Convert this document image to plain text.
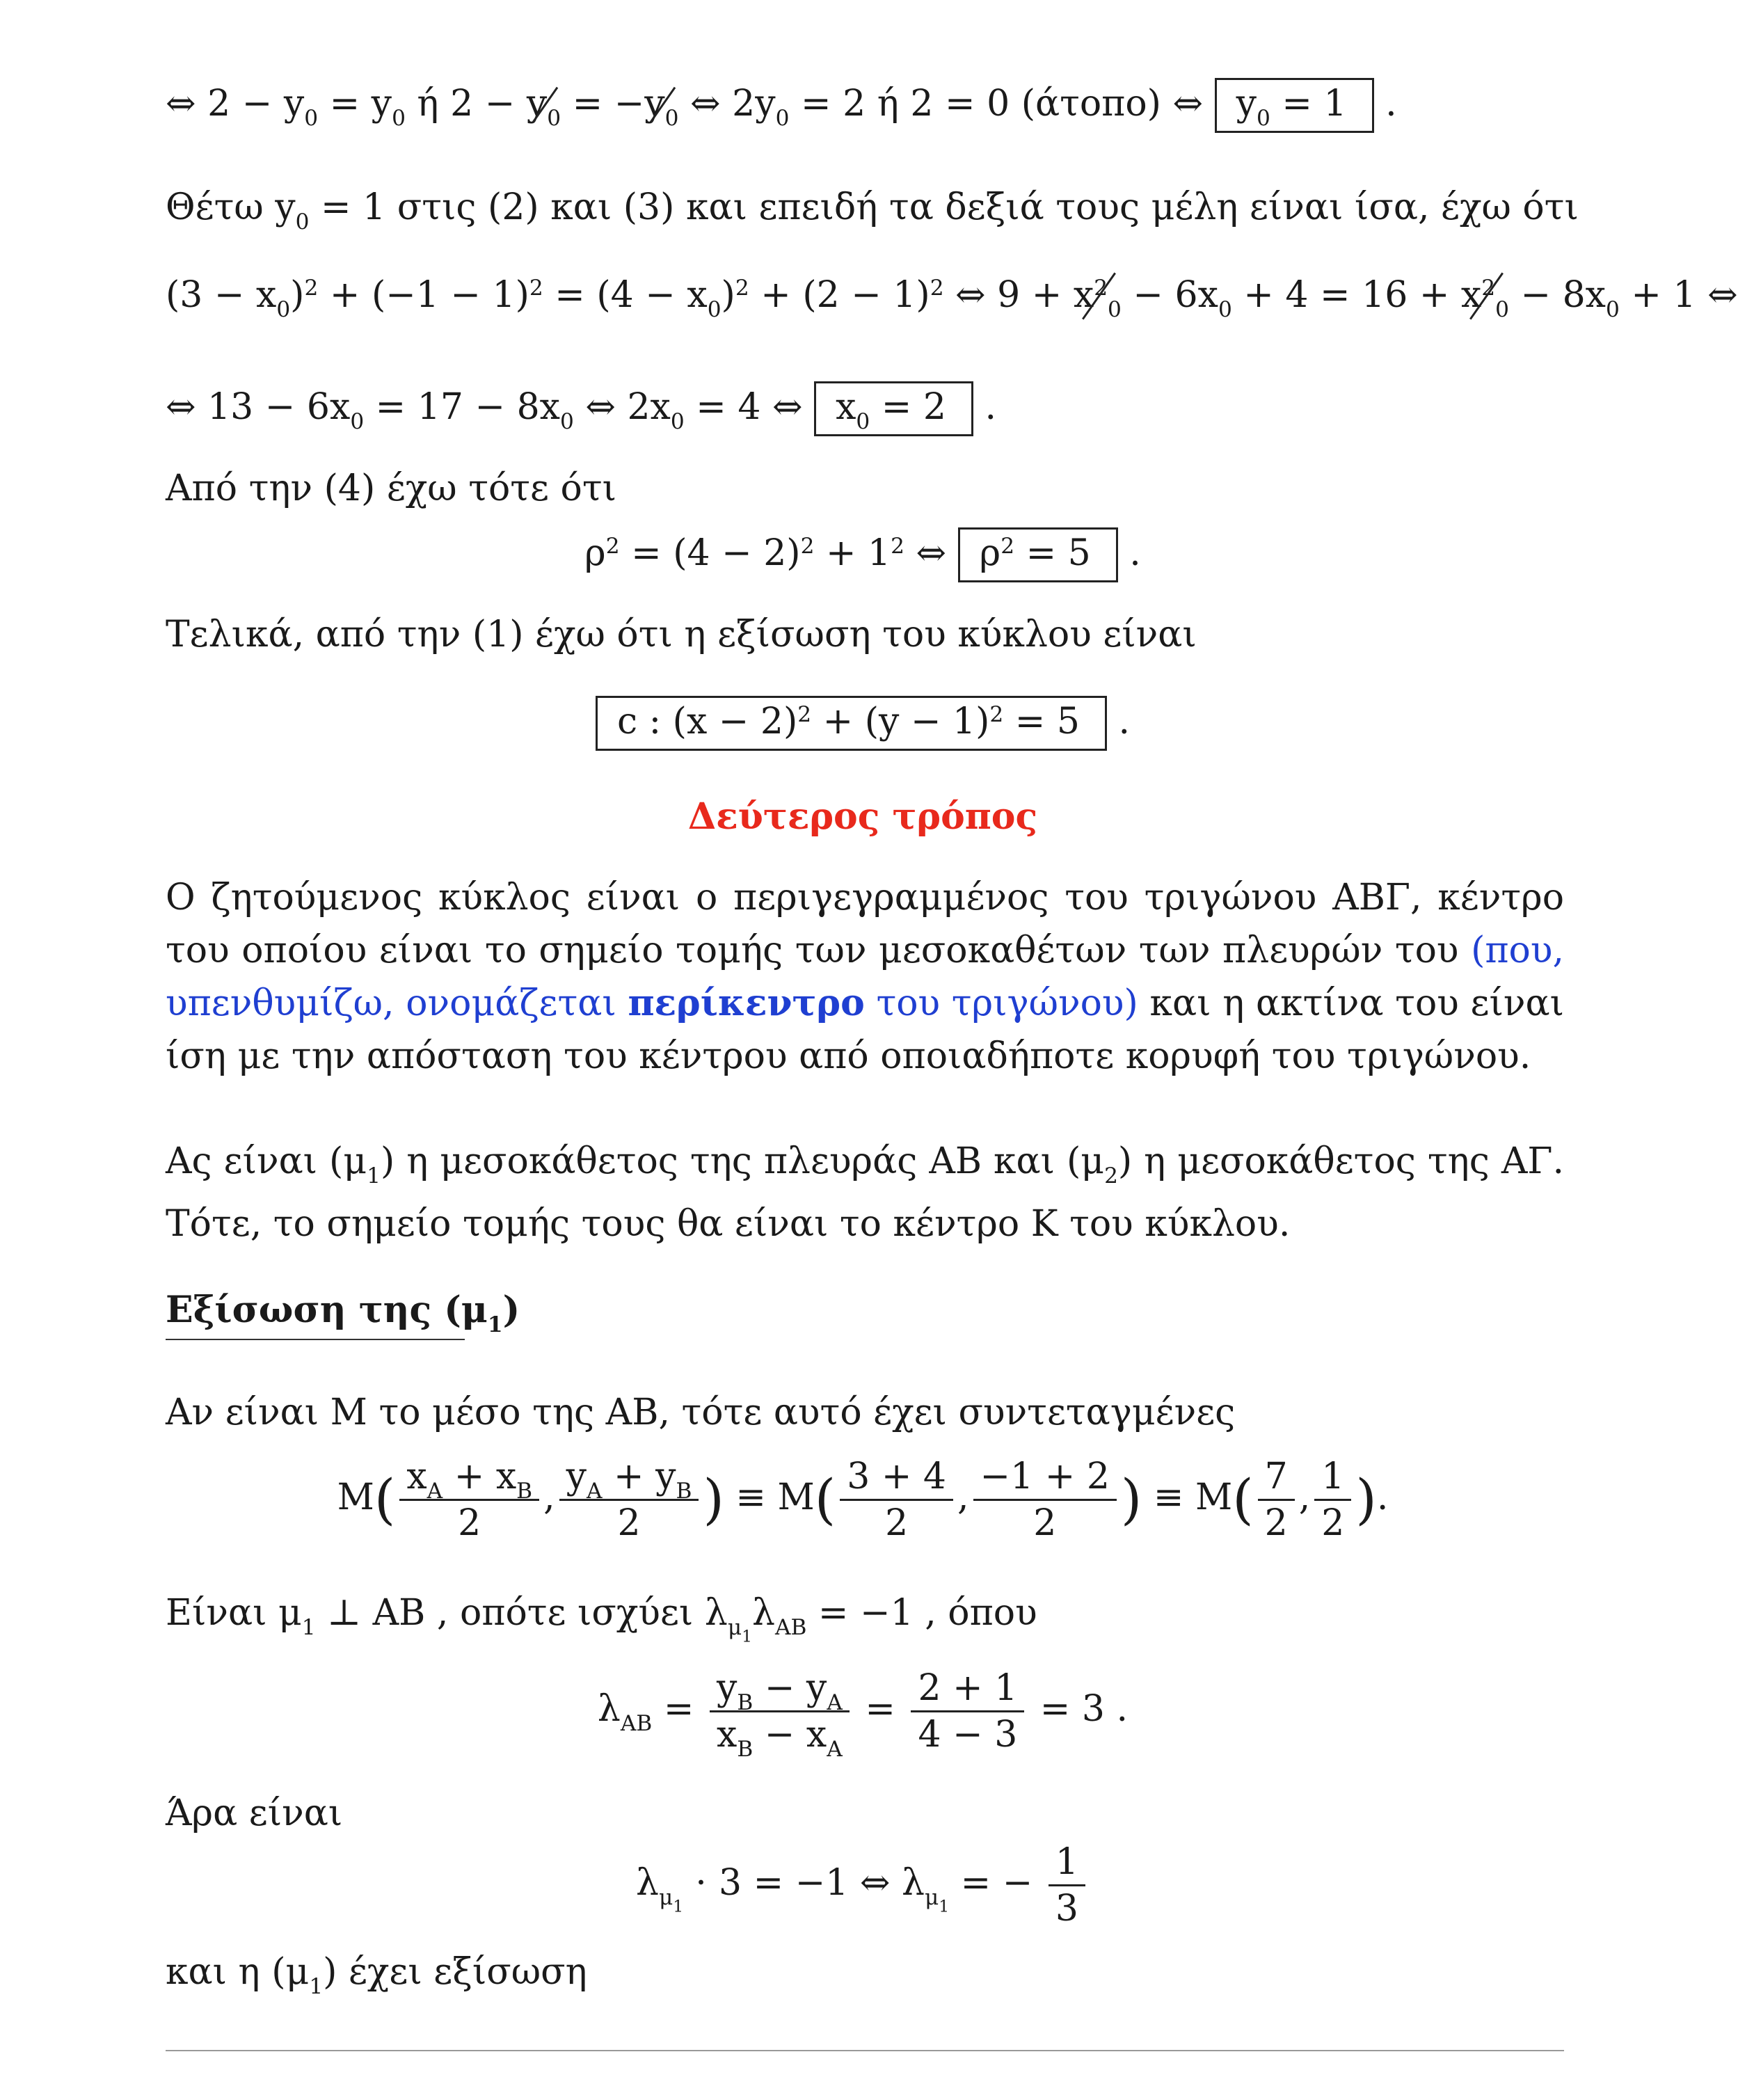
⇔ $2 - y_0 = y_0$ ή $2 - y_0 = -y_0$ ⇔ $2y_0 = 2$ ή 2 = 0 (άτοπο) ⇔ $y_0 = 1$ .
Θέτω $y_0 = 1$ στις (2) και (3) και επειδή τα δεξιά τους μέλη είναι ίσα, έχω ότι
$(3 - x_0)^2 + (-1 - 1)^2 = (4 - x_0)^2 + (2 - 1)^2$ ⇔ $9 + x^2_0 - 6x_0 + 4 = 16 + x^2_0 - 8x_0 + 1$ ⇔
⇔ $13 - 6x_0 = 17 - 8x_0$ ⇔ $2x_0 = 4$ ⇔ $x_0 = 2$ .
Από την (4) έχω τότε ότι
$\rho^2 = (4 - 2)^2 + 1^2$ ⇔ $\rho^2 = 5$ .
Τελικά, από την (1) έχω ότι η εξίσωση του κύκλου είναι
c : $(x - 2)^2 + (y - 1)^2 = 5$ .
Δεύτερος τρόπος
Ο ζητούμενος κύκλος είναι ο περιγεγραμμένος του τριγώνου ΑΒΓ, κέντρο του οποίου είναι το σημείο τομής των μεσοκαθέτων των πλευρών του (που, υπενθυμίζω, ονομάζεται περίκεντρο του τριγώνου) και η ακτίνα του είναι ίση με την απόσταση του κέντρου από οποιαδήποτε κορυφή του τριγώνου.
Ας είναι $(\mu_1)$ η μεσοκάθετος της πλευράς ΑΒ και $(\mu_2)$ η μεσοκάθετος της ΑΓ. Τότε, το σημείο τομής τους θα είναι το κέντρο Κ του κύκλου.
Εξίσωση της $(\mu_1)$
Αν είναι Μ το μέσο της ΑΒ, τότε αυτό έχει συντεταγμένες
$M( \frac{x_A + x_B}{2}$ , $\frac{y_A + y_B}{2}$ ) ≡ $M( \frac{3 + 4}{2}$ , $\frac{-1 + 2}{2}$ ) ≡ $M( \frac{7}{2}$ , $\frac{1}{2}$ ).
Είναι $\mu_1$ ⊥ ΑΒ , οπότε ισχύει $\lambda_{\mu_1}\lambda_{AB} = -1$ , όπου
$\lambda_{AB} = \frac{y_B - y_A}{x_B - x_A} = \frac{2 + 1}{4 - 3} = 3$ .
Άρα είναι
$\lambda_{\mu_1} \cdot 3 = -1$ ⇔ $\lambda_{\mu_1}$ = − $\frac{1}{3}$
και η $(\mu_1)$ έχει εξίσωση
